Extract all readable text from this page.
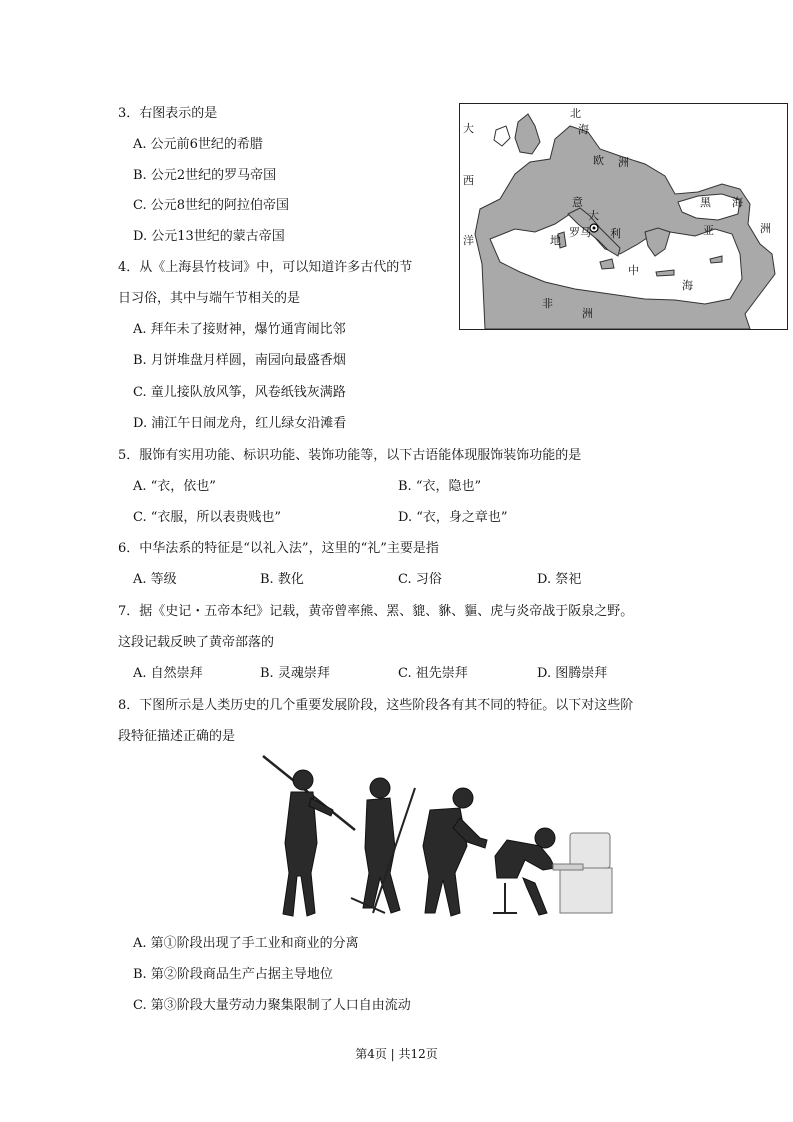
3．右图表示的是
A. 公元前6世纪的希腊
B. 公元2世纪的罗马帝国
C. 公元8世纪的阿拉伯帝国
D. 公元13世纪的蒙古帝国
北
海
大
西
洋
欧 洲
黑 海
亚	洲
意
大
利
罗马
地
中
海
非
洲
4．从《上海县竹枝词》中，可以知道许多古代的节
日习俗，其中与端午节相关的是
A. 拜年未了接财神，爆竹通宵闹比邻
B. 月饼堆盘月样圆，南园向最盛香烟
C. 童儿接队放风筝，风卷纸钱灰满路
D. 浦江午日闹龙舟，红儿绿女沿滩看
5．服饰有实用功能、标识功能、装饰功能等，以下古语能体现服饰装饰功能的是
A. “衣，依也”	B. “衣，隐也”
C. “衣服，所以表贵贱也”	D. “衣，身之章也”
6．中华法系的特征是“以礼入法”，这里的“礼”主要是指
A. 等级	B. 教化	C. 习俗	D. 祭祀
7．据《史记・五帝本纪》记载，黄帝曾率熊、罴、貔、貅、貙、虎与炎帝战于阪泉之野。
这段记载反映了黄帝部落的
A. 自然崇拜	B. 灵魂崇拜	C. 祖先崇拜	D. 图腾崇拜
8．下图所示是人类历史的几个重要发展阶段，这些阶段各有其不同的特征。以下对这些阶
段特征描述正确的是
A. 第①阶段出现了手工业和商业的分离
B. 第②阶段商品生产占据主导地位
C. 第③阶段大量劳动力聚集限制了人口自由流动
第4页 | 共12页
